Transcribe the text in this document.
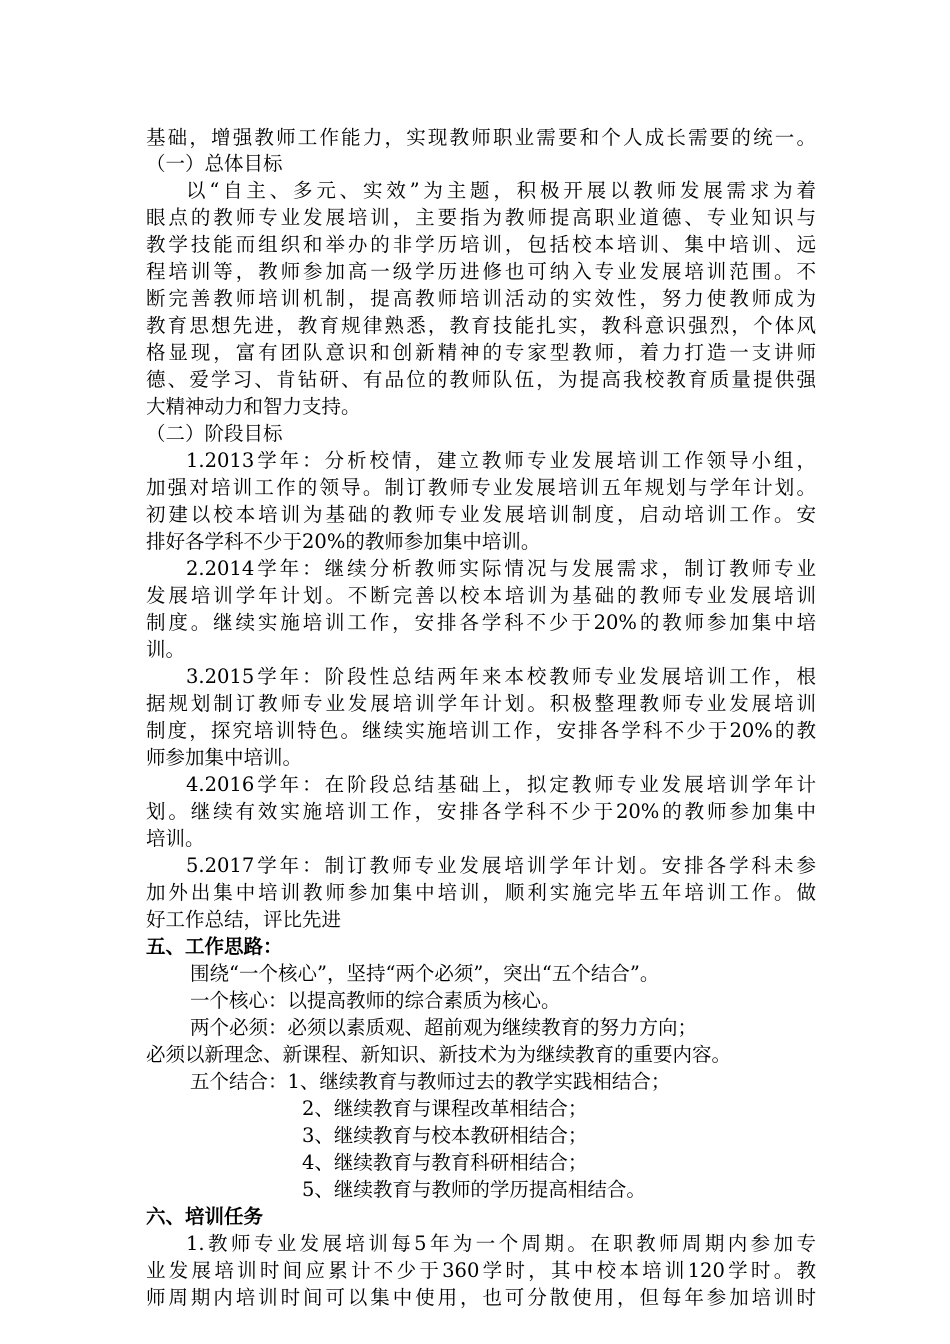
基础，增强教师工作能力，实现教师职业需要和个人成长需要的统一。
（一）总体目标
以“自主、多元、实效”为主题，积极开展以教师发展需求为着
眼点的教师专业发展培训，主要指为教师提高职业道德、专业知识与
教学技能而组织和举办的非学历培训，包括校本培训、集中培训、远
程培训等，教师参加高一级学历进修也可纳入专业发展培训范围。不
断完善教师培训机制，提高教师培训活动的实效性，努力使教师成为
教育思想先进，教育规律熟悉，教育技能扎实，教科意识强烈，个体风
格显现，富有团队意识和创新精神的专家型教师，着力打造一支讲师
德、爱学习、肯钻研、有品位的教师队伍，为提高我校教育质量提供强
大精神动力和智力支持。
（二）阶段目标
1.2013学年：分析校情，建立教师专业发展培训工作领导小组，
加强对培训工作的领导。制订教师专业发展培训五年规划与学年计划。
初建以校本培训为基础的教师专业发展培训制度，启动培训工作。安
排好各学科不少于20%的教师参加集中培训。
2.2014学年：继续分析教师实际情况与发展需求，制订教师专业
发展培训学年计划。不断完善以校本培训为基础的教师专业发展培训
制度。继续实施培训工作，安排各学科不少于20%的教师参加集中培
训。
3.2015学年：阶段性总结两年来本校教师专业发展培训工作，根
据规划制订教师专业发展培训学年计划。积极整理教师专业发展培训
制度，探究培训特色。继续实施培训工作，安排各学科不少于20%的教
师参加集中培训。
4.2016学年：在阶段总结基础上，拟定教师专业发展培训学年计
划。继续有效实施培训工作，安排各学科不少于20%的教师参加集中
培训。
5.2017学年：制订教师专业发展培训学年计划。安排各学科未参
加外出集中培训教师参加集中培训，顺利实施完毕五年培训工作。做
好工作总结，评比先进
五、工作思路：
围绕“一个核心”，坚持“两个必须”，突出“五个结合”。
一个核心：以提高教师的综合素质为核心。
两个必须：必须以素质观、超前观为继续教育的努力方向；
必须以新理念、新课程、新知识、新技术为为继续教育的重要内容。
五个结合：1、继续教育与教师过去的教学实践相结合；
2、继续教育与课程改革相结合；
3、继续教育与校本教研相结合；
4、继续教育与教育科研相结合；
5、继续教育与教师的学历提高相结合。
六、培训任务
1.教师专业发展培训每5年为一个周期。在职教师周期内参加专
业发展培训时间应累计不少于360学时，其中校本培训120学时。教
师周期内培训时间可以集中使用，也可分散使用，但每年参加培训时
